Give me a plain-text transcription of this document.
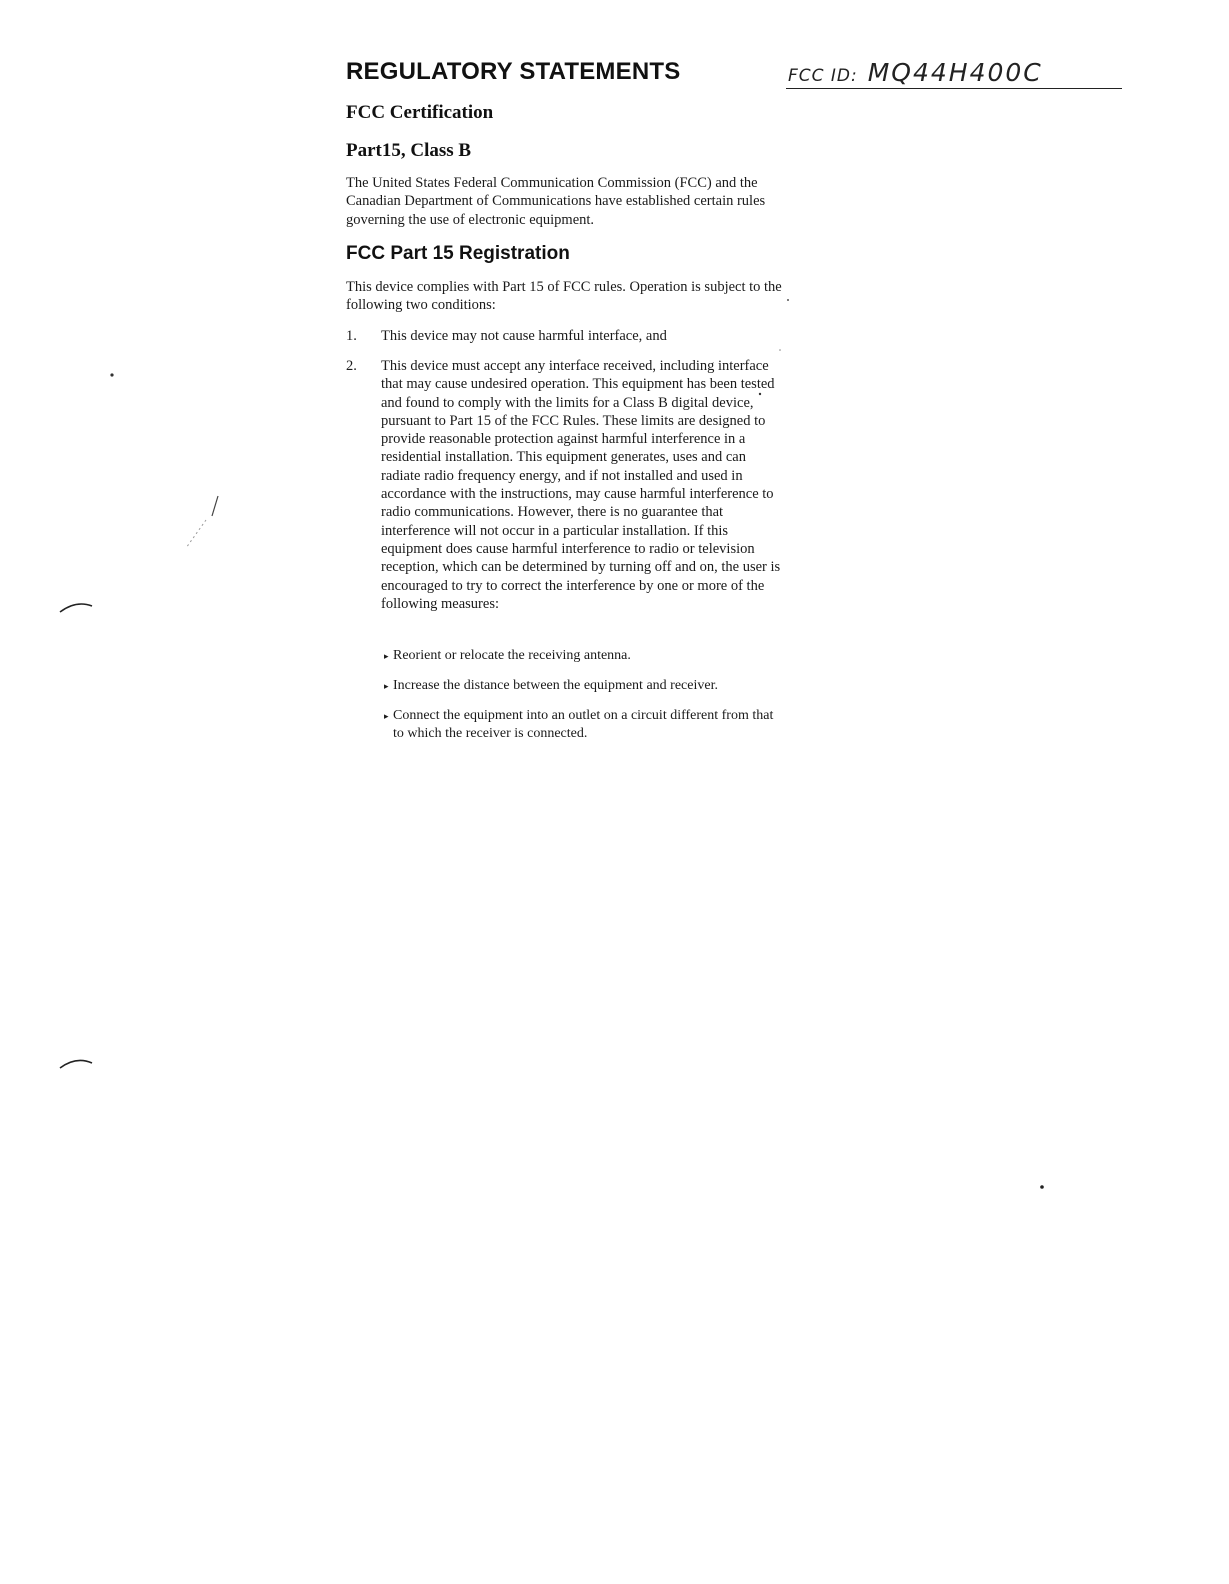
REGULATORY STATEMENTS	FCC ID: MQ44H400C
FCC Certification
Part15, Class B

The United States Federal Communication Commission (FCC) and the Canadian Department of Communications have established certain rules governing the use of electronic equipment.

FCC Part 15 Registration

This device complies with Part 15 of FCC rules. Operation is subject to the following two conditions:

1. This device may not cause harmful interface, and
2. This device must accept any interface received, including interface that may cause undesired operation. This equipment has been tested and found to comply with the limits for a Class B digital device, pursuant to Part 15 of the FCC Rules. These limits are designed to provide reasonable protection against harmful interference in a residential installation. This equipment generates, uses and can radiate radio frequency energy, and if not installed and used in accordance with the instructions, may cause harmful interference to radio communications. However, there is no guarantee that interference will not occur in a particular installation. If this equipment does cause harmful interference to radio or television reception, which can be determined by turning off and on, the user is encouraged to try to correct the interference by one or more of the following measures:
▸ Reorient or relocate the receiving antenna.
▸ Increase the distance between the equipment and receiver.
▸ Connect the equipment into an outlet on a circuit different from that to which the receiver is connected.
